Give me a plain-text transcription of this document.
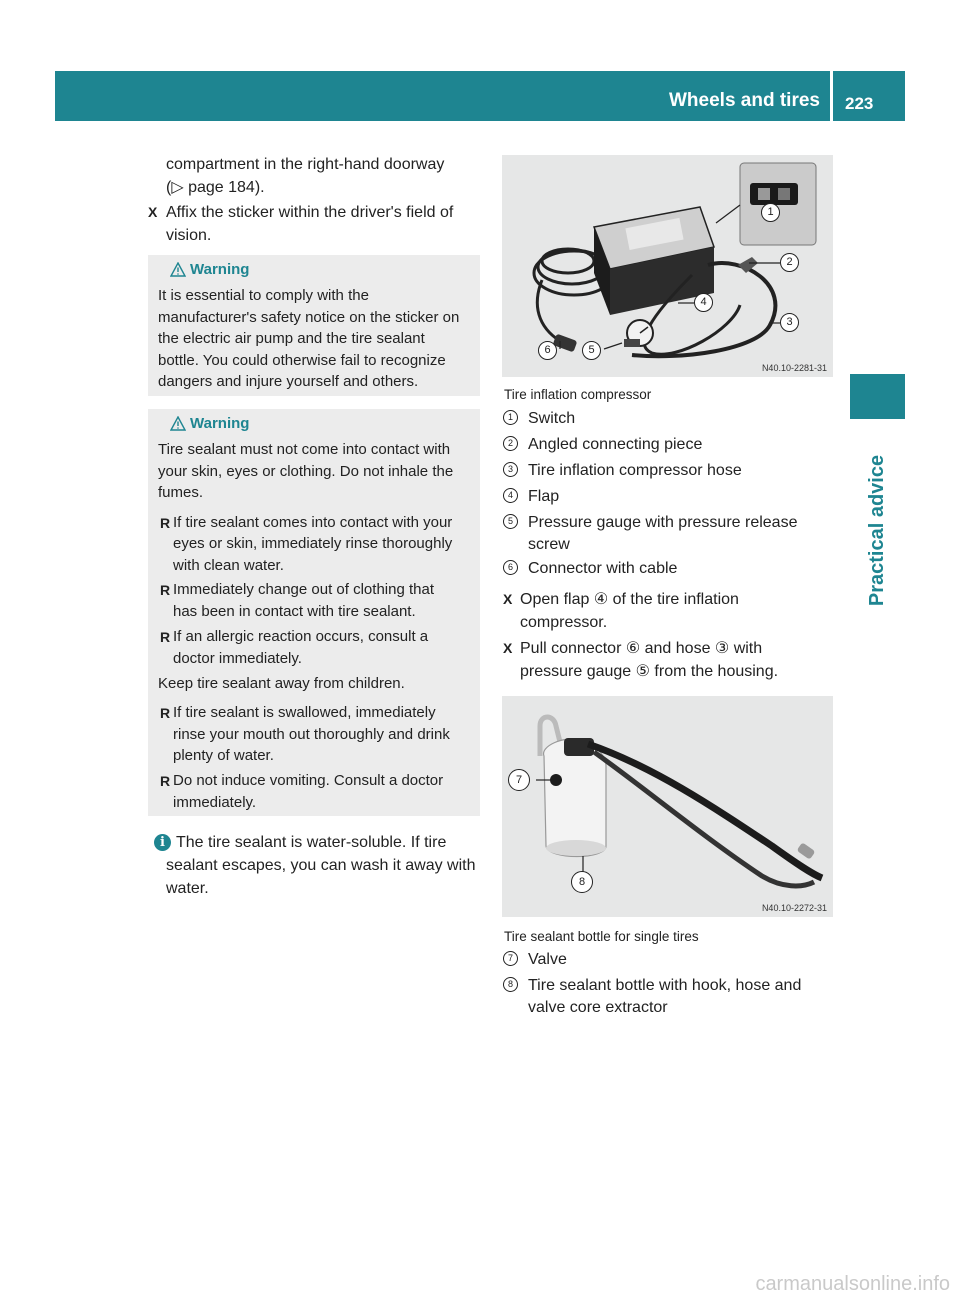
Wheels and tires 223
Practical advice
compartment in the right-hand doorway
(▷ page 184).
X Affix the sticker within the driver's field of
vision.
Warning
It is essential to comply with the
manufacturer's safety notice on the sticker on
the electric air pump and the tire sealant
bottle. You could otherwise fail to recognize
dangers and injure yourself and others.
Warning
Tire sealant must not come into contact with
your skin, eyes or clothing. Do not inhale the
fumes.
R If tire sealant comes into contact with your
eyes or skin, immediately rinse thoroughly
with clean water.
R Immediately change out of clothing that
has been in contact with tire sealant.
R If an allergic reaction occurs, consult a
doctor immediately.
Keep tire sealant away from children.
R If tire sealant is swallowed, immediately
rinse your mouth out thoroughly and drink
plenty of water.
R Do not induce vomiting. Consult a doctor
immediately.
i The tire sealant is water-soluble. If tire
sealant escapes, you can wash it away with
water.
1
2
3
4
5
6
N40.10-2281-31
Tire inflation compressor
1 Switch
2 Angled connecting piece
3 Tire inflation compressor hose
4 Flap
5 Pressure gauge with pressure release
screw
6 Connector with cable
X Open flap ④ of the tire inflation
compressor.
X Pull connector ⑥ and hose ③ with
pressure gauge ⑤ from the housing.
7
8
N40.10-2272-31
Tire sealant bottle for single tires
7 Valve
8 Tire sealant bottle with hook, hose and
valve core extractor
carmanualsonline.info
